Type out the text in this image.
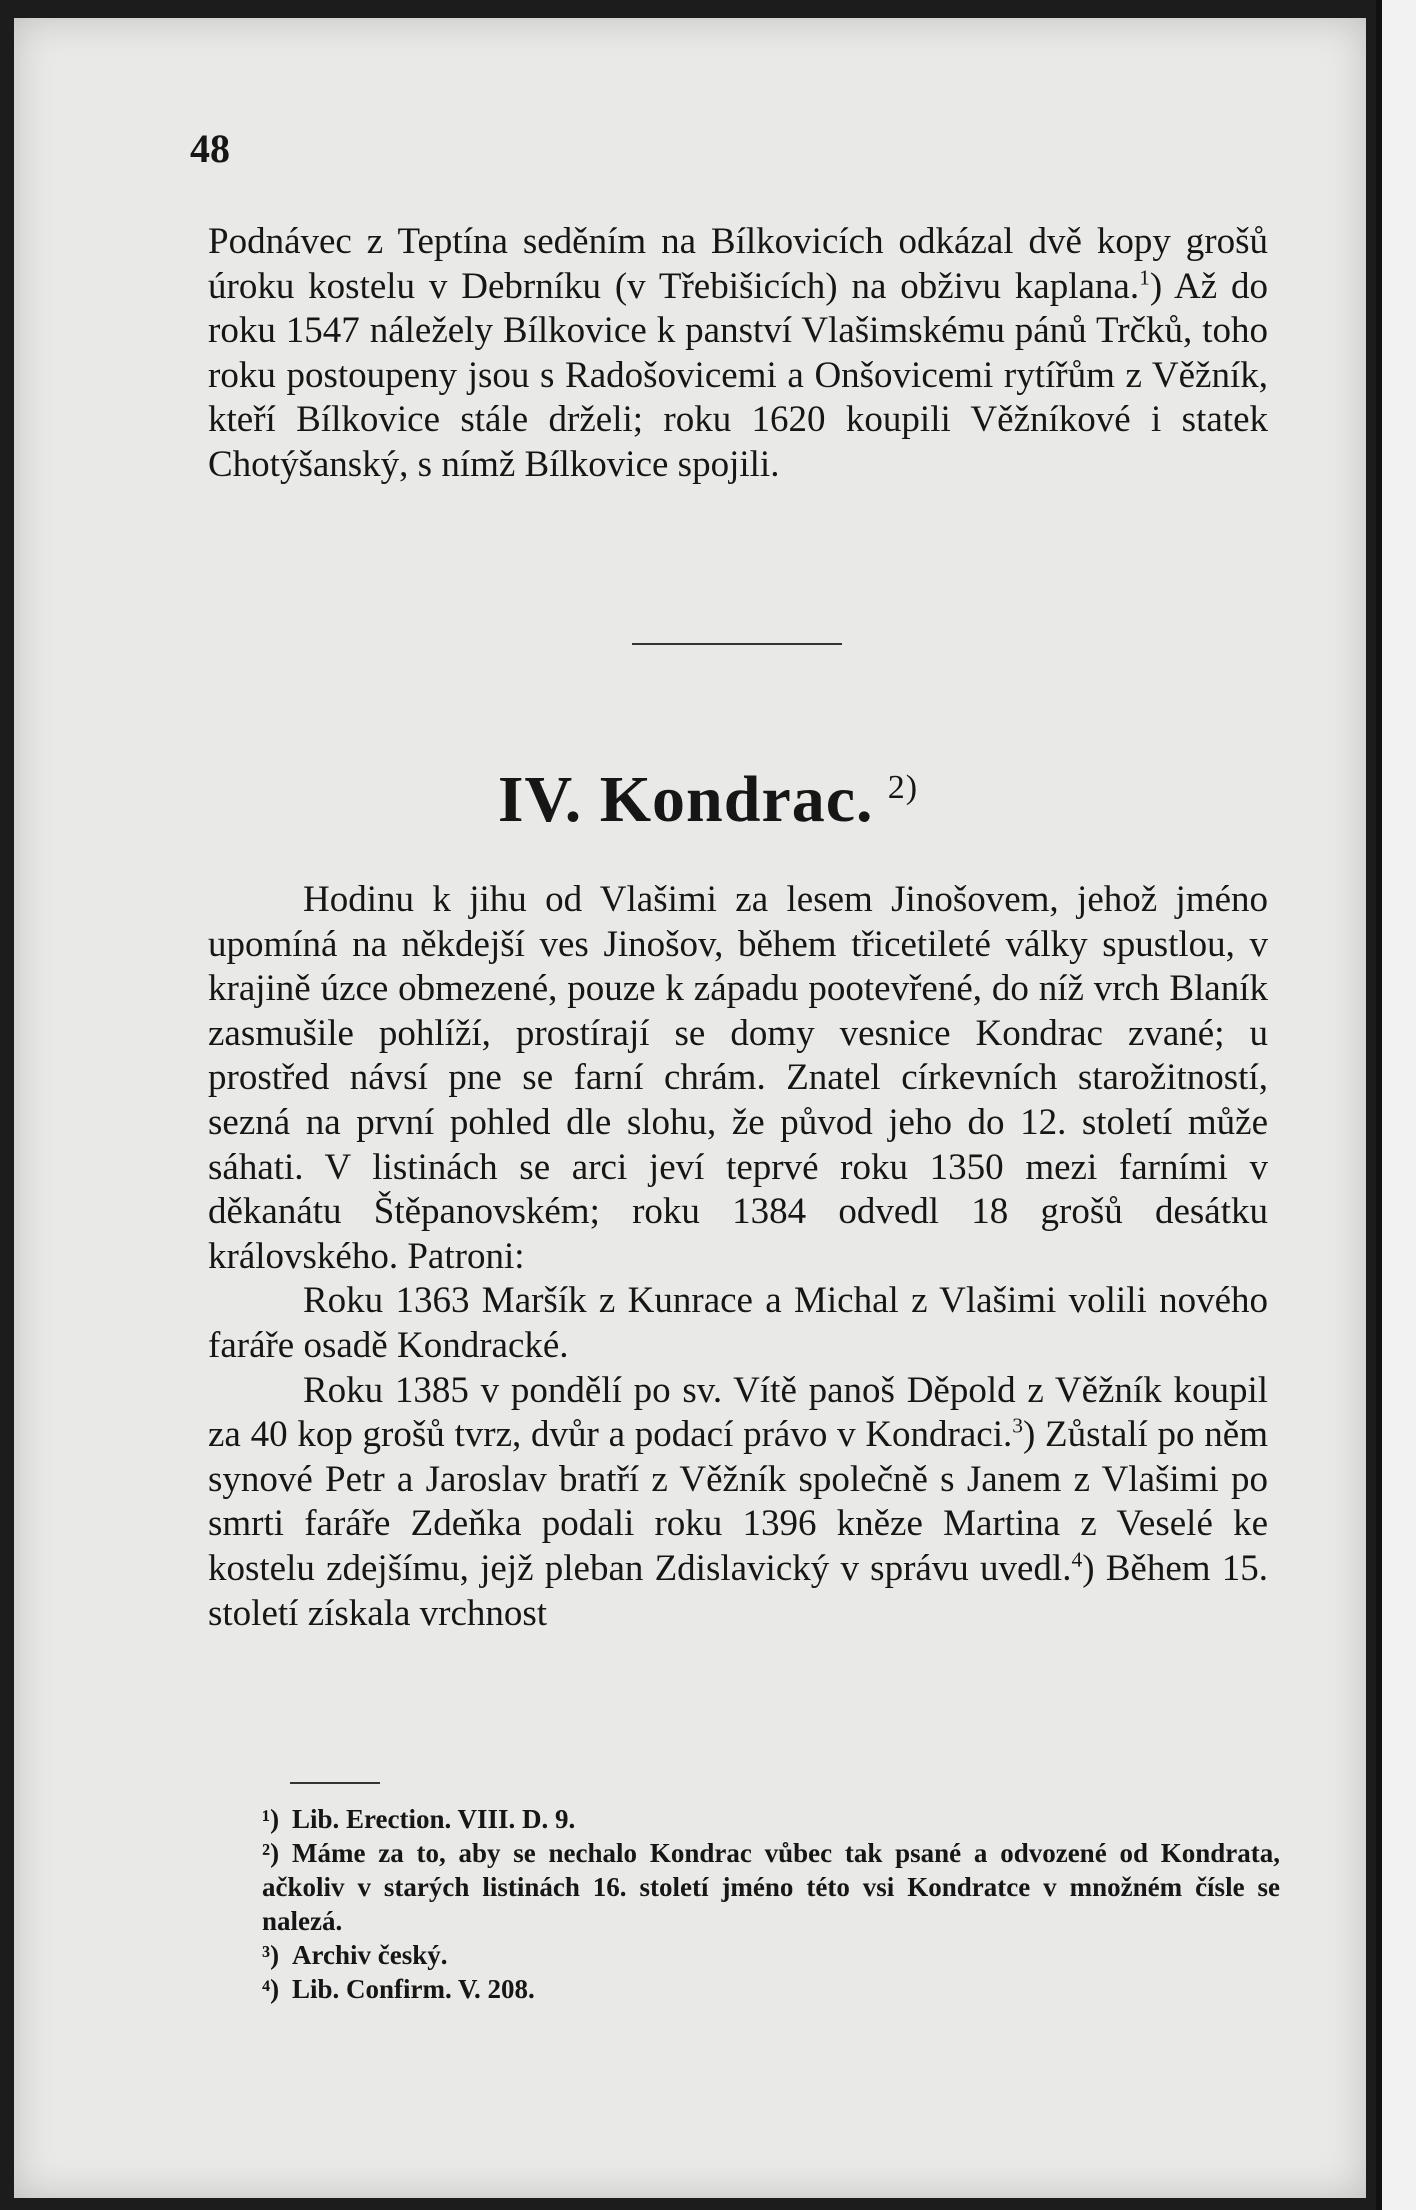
48

Podnávec z Teptína seděním na Bílkovicích odkázal dvě kopy grošů úroku kostelu v Debrníku (v Třebišicích) na obživu kaplana.$^1$) Až do roku 1547 náležely Bílkovice k panství Vlašimskému pánů Trčků, toho roku postoupeny jsou s Radošovicemi a Onšovicemi rytířům z Věžník, kteří Bílkovice stále drželi; roku 1620 koupili Věžníkové i statek Chotýšanský, s nímž Bílkovice spojili.

IV. Kondrac.  $^{2)}$

Hodinu k jihu od Vlašimi za lesem Jinošovem, jehož jméno upomíná na někdejší ves Jinošov, během třicetileté války spustlou, v krajině úzce obmezené, pouze k západu pootevřené, do níž vrch Blaník zasmušile pohlíží, prostírají se domy vesnice Kondrac zvané; u prostřed návsí pne se farní chrám. Znatel církevních starožitností, sezná na první pohled dle slohu, že původ jeho do 12. století může sáhati. V listinách se arci jeví teprvé roku 1350 mezi farními v děkanátu Štěpanovském; roku 1384 odvedl 18 grošů desátku královského. Patroni:

Roku 1363 Maršík z Kunrace a Michal z Vlašimi volili nového faráře osadě Kondracké.

Roku 1385 v pondělí po sv. Vítě panoš Děpold z Věžník koupil za 40 kop grošů tvrz, dvůr a podací právo v Kondraci.$^3$) Zůstalí po něm synové Petr a Jaroslav bratří z Věžník společně s Janem z Vlašimi po smrti faráře Zdeňka podali roku 1396 kněze Martina z Veselé ke kostelu zdejšímu, jejž pleban Zdislavický v správu uvedl.$^4$) Během 15. století získala vrchnost

¹) Lib. Erection. VIII. D. 9.

²) Máme za to, aby se nechalo Kondrac vůbec tak psané a odvozené od Kondrata, ačkoliv v starých listinách 16. století jméno této vsi Kondratce v množném čísle se nalezá.

³) Archiv český.

⁴) Lib. Confirm. V. 208.
